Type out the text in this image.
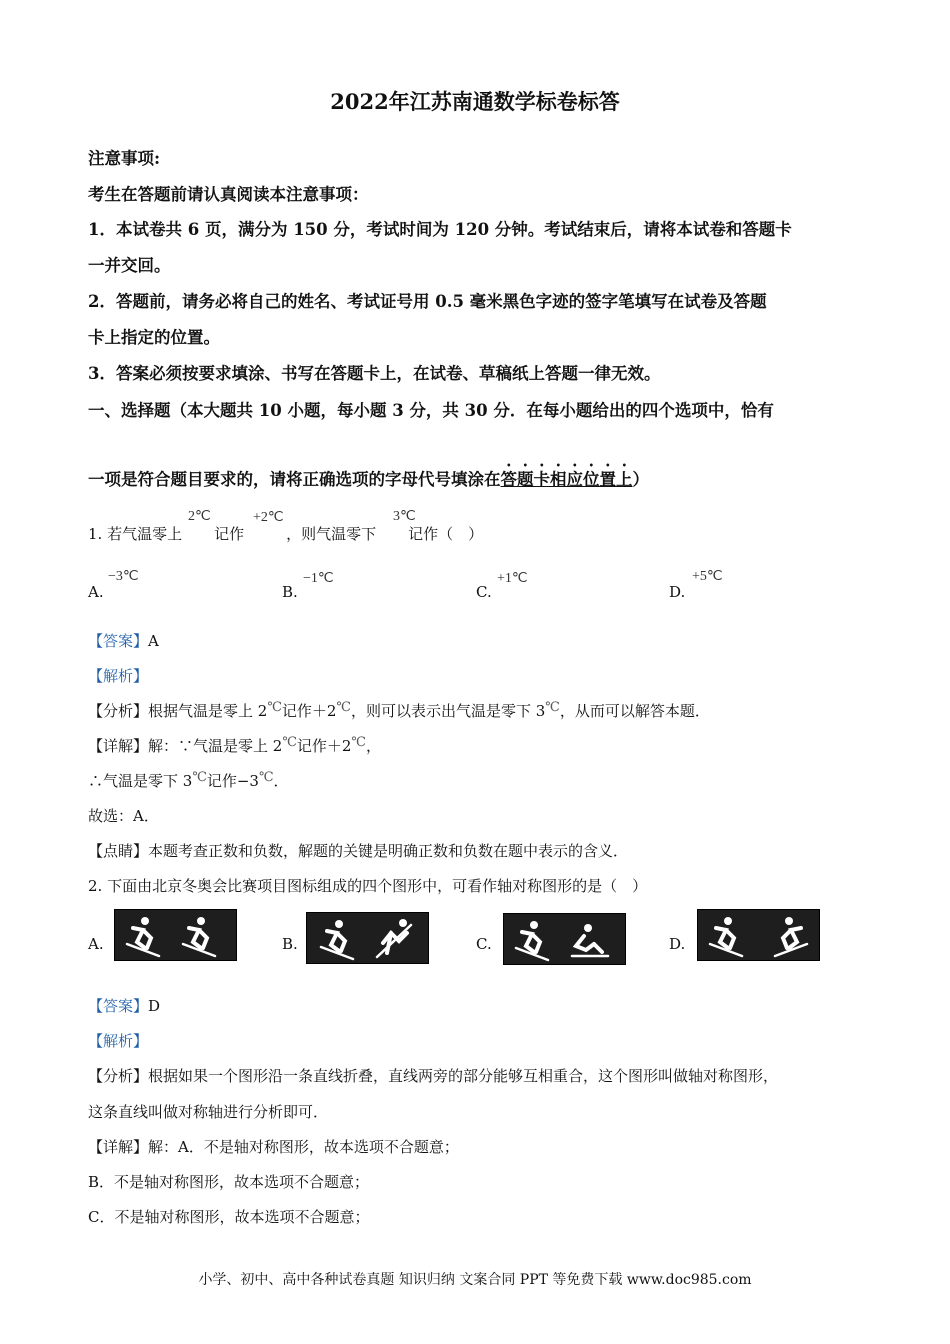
2022年江苏南通数学标卷标答
注意事项:
考生在答题前请认真阅读本注意事项：
1．本试卷共 6 页，满分为 150 分，考试时间为 120 分钟。考试结束后，请将本试卷和答题卡
一并交回。
2．答题前，请务必将自己的姓名、考试证号用 0.5 毫米黑色字迹的签字笔填写在试卷及答题
卡上指定的位置。
3．答案必须按要求填涂、书写在答题卡上，在试卷、草稿纸上答题一律无效。
一、选择题（本大题共 10 小题，每小题 3 分，共 30 分．在每小题给出的四个选项中，恰有
一项是符合题目要求的，请将正确选项的字母代号填涂在答题卡相应位置上）
1. 若气温零上 记作	，则气温零下 记作（　）
2℃	+2℃	3℃
A.
−3℃
B.
−1℃
C.
+1℃
D.
+5℃
【答案】A
【解析】
【分析】根据气温是零上 2℃记作＋2℃，则可以表示出气温是零下 3℃，从而可以解答本题．
【详解】解：∵气温是零上 2℃记作＋2℃，
∴气温是零下 3℃记作−3℃．
故选：A．
【点睛】本题考查正数和负数，解题的关键是明确正数和负数在题中表示的含义．
2. 下面由北京冬奥会比赛项目图标组成的四个图形中，可看作轴对称图形的是（　）
A.	B.	C.	D.
【答案】D
【解析】
【分析】根据如果一个图形沿一条直线折叠，直线两旁的部分能够互相重合，这个图形叫做轴对称图形，
这条直线叫做对称轴进行分析即可．
【详解】解：A．不是轴对称图形，故本选项不合题意；
B．不是轴对称图形，故本选项不合题意；
C．不是轴对称图形，故本选项不合题意；
小学、初中、高中各种试卷真题 知识归纳 文案合同 PPT 等免费下载 www.doc985.com
